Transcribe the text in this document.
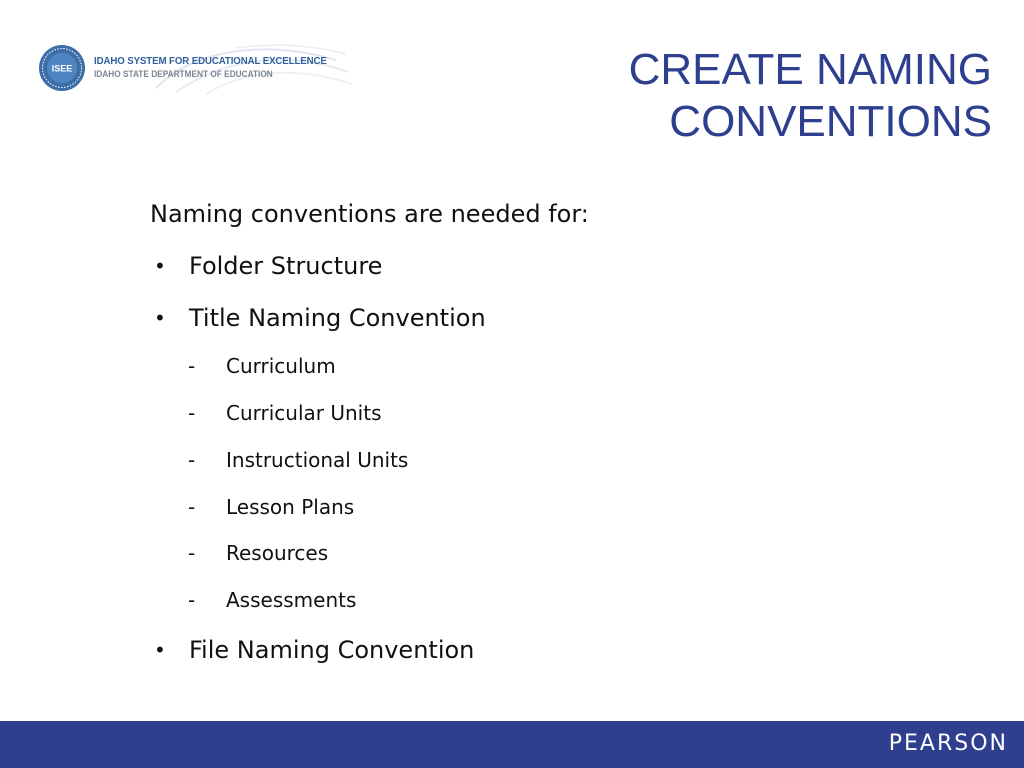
ISEE
IDAHO SYSTEM FOR EDUCATIONAL EXCELLENCE
IDAHO STATE DEPARTMENT OF EDUCATION	CREATE NAMING
CONVENTIONS
Naming conventions are needed for:
• Folder Structure
• Title Naming Convention
- Curriculum
- Curricular Units
- Instructional Units
- Lesson Plans
- Resources
- Assessments
• File Naming Convention
PEARSON
